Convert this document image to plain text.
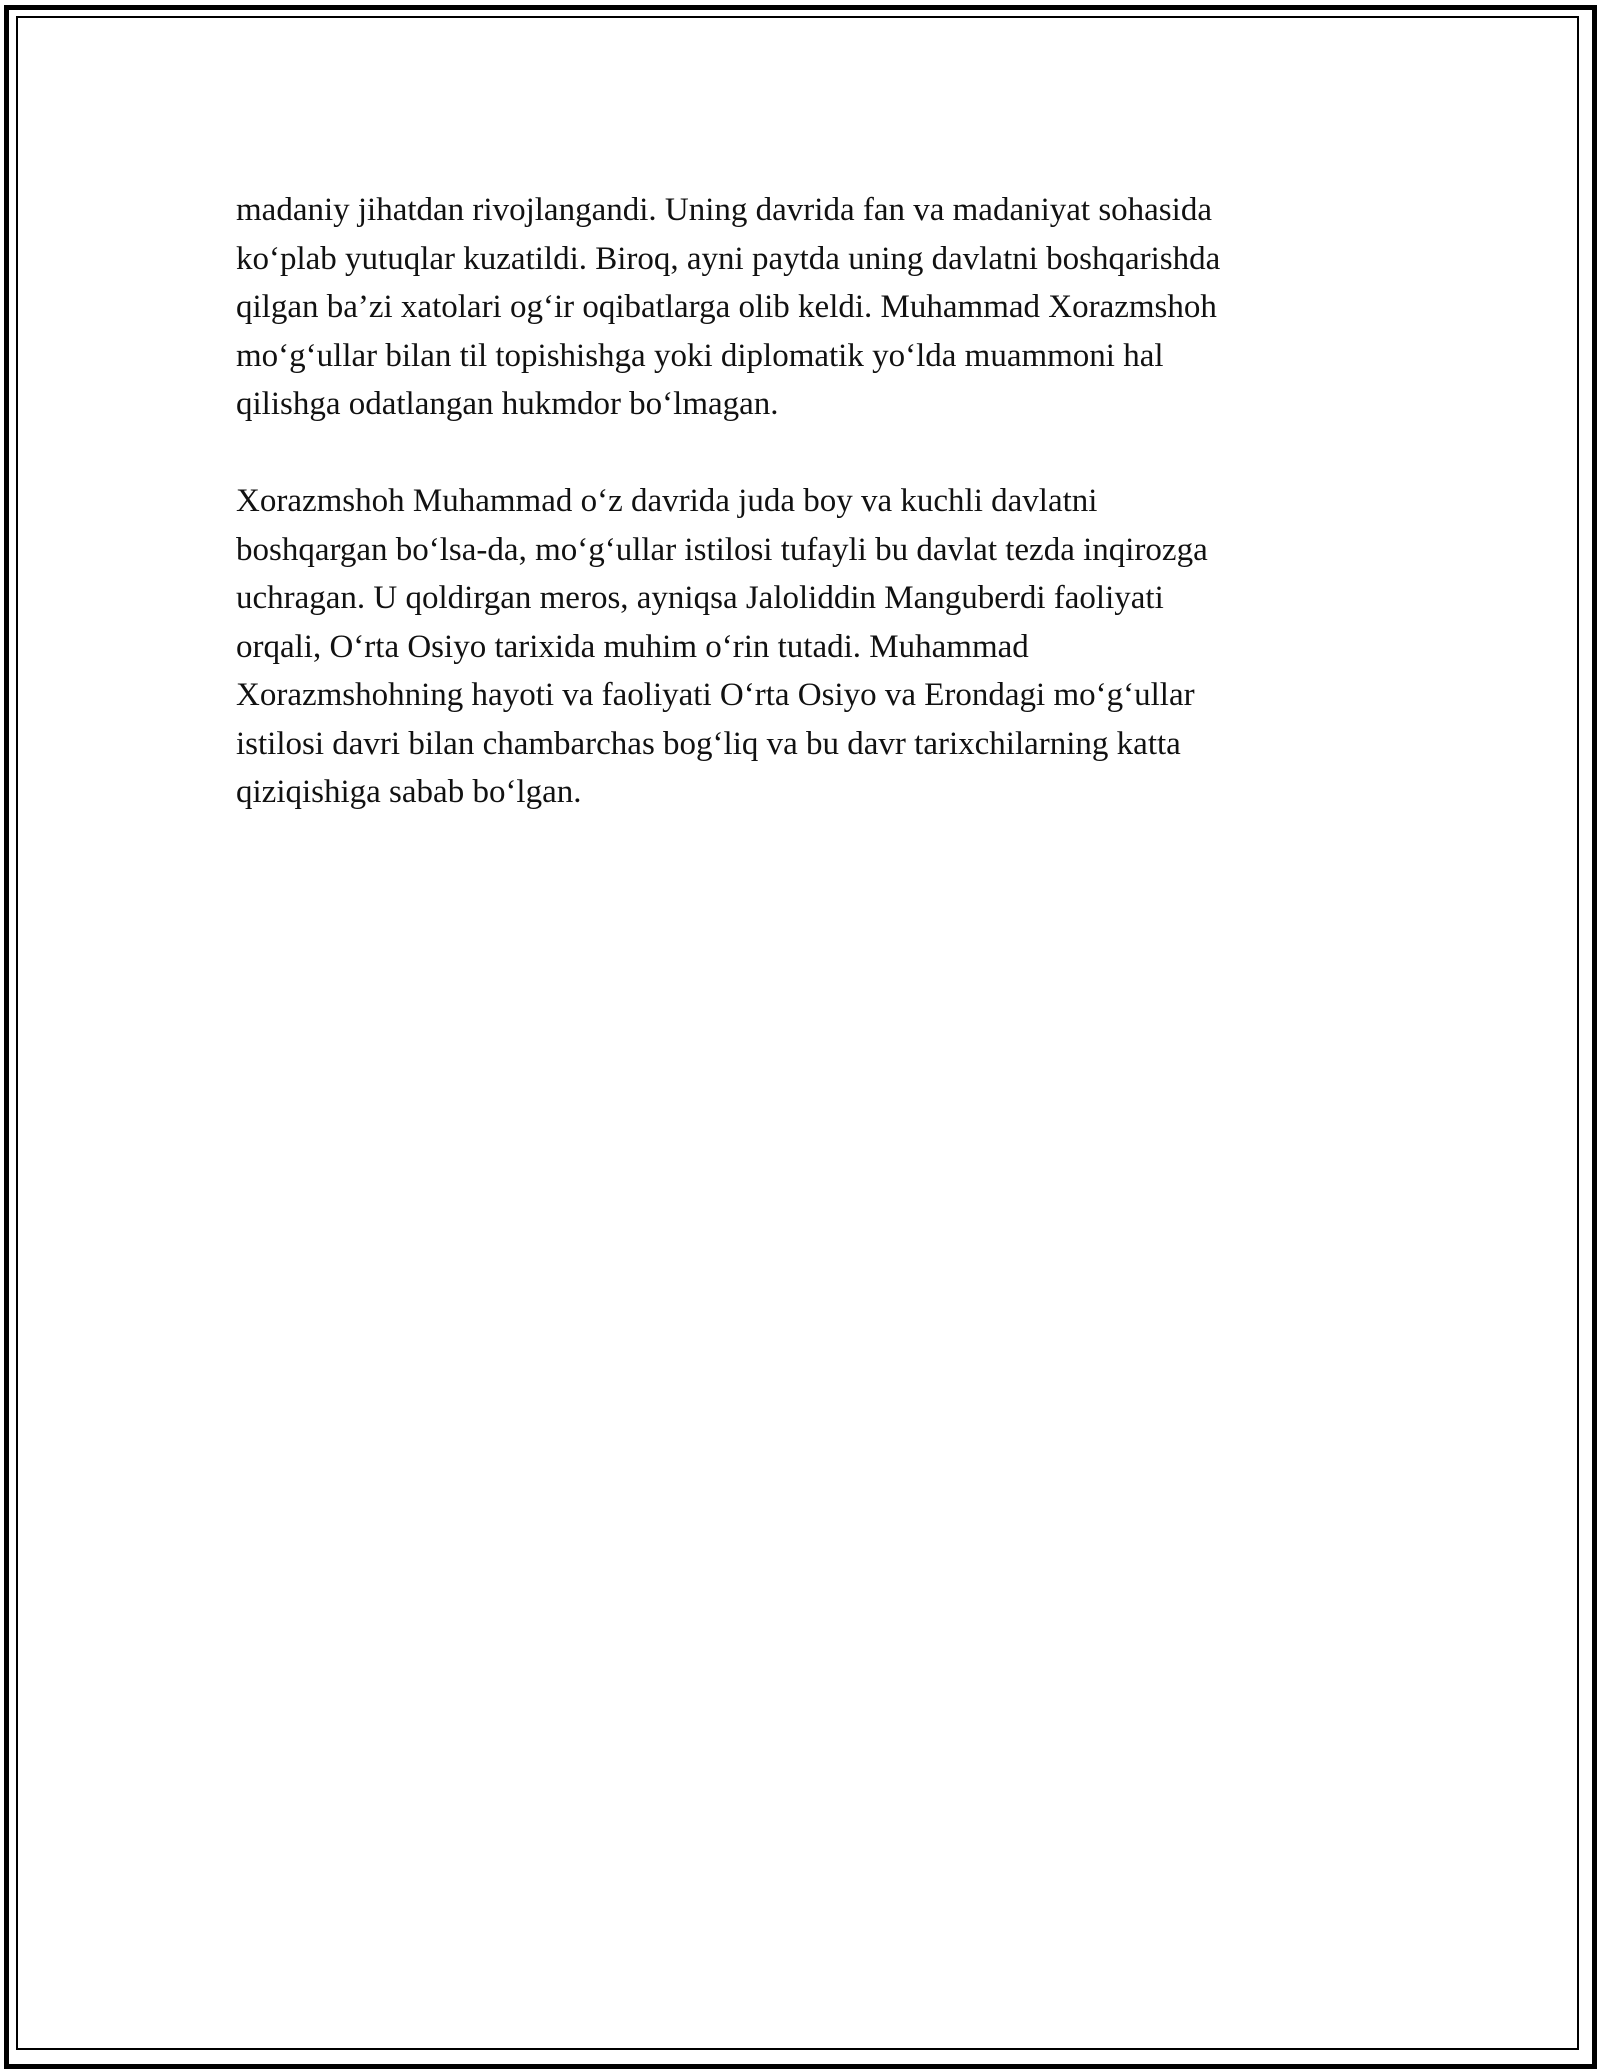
madaniy jihatdan rivojlangandi. Uning davrida fan va madaniyat sohasida
ko‘plab yutuqlar kuzatildi. Biroq, ayni paytda uning davlatni boshqarishda
qilgan ba’zi xatolari og‘ir oqibatlarga olib keldi. Muhammad Xorazmshoh
mo‘g‘ullar bilan til topishishga yoki diplomatik yo‘lda muammoni hal
qilishga odatlangan hukmdor bo‘lmagan.

Xorazmshoh Muhammad o‘z davrida juda boy va kuchli davlatni
boshqargan bo‘lsa-da, mo‘g‘ullar istilosi tufayli bu davlat tezda inqirozga
uchragan. U qoldirgan meros, ayniqsa Jaloliddin Manguberdi faoliyati
orqali, O‘rta Osiyo tarixida muhim o‘rin tutadi. Muhammad
Xorazmshohning hayoti va faoliyati O‘rta Osiyo va Erondagi mo‘g‘ullar
istilosi davri bilan chambarchas bog‘liq va bu davr tarixchilarning katta
qiziqishiga sabab bo‘lgan.
